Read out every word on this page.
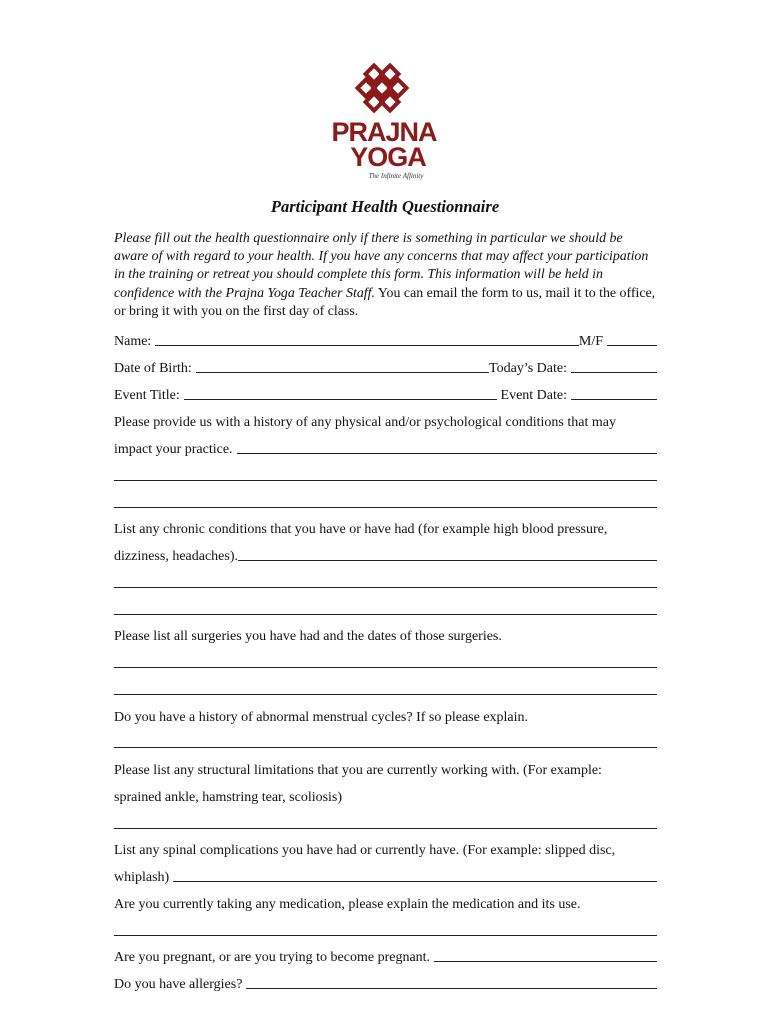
PRAJNA
YOGA
The Infinite Affinity
Participant Health Questionnaire
Please fill out the health questionnaire only if there is something in particular we should be aware of with regard to your health. If you have any concerns that may affect your participation in the training or retreat you should complete this form. This information will be held in confidence with the Prajna Yoga Teacher Staff. You can email the form to us, mail it to the office, or bring it with you on the first day of class.
Name:	M/F
Date of Birth:	Today’s Date:
Event Title:	Event Date:
Please provide us with a history of any physical and/or psychological conditions that may
impact your practice.
List any chronic conditions that you have or have had (for example high blood pressure,
dizziness, headaches).
Please list all surgeries you have had and the dates of those surgeries.
Do you have a history of abnormal menstrual cycles? If so please explain.
Please list any structural limitations that you are currently working with. (For example:
sprained ankle, hamstring tear, scoliosis)
List any spinal complications you have had or currently have. (For example: slipped disc,
whiplash)
Are you currently taking any medication, please explain the medication and its use.
Are you pregnant, or are you trying to become pregnant.
Do you have allergies?
